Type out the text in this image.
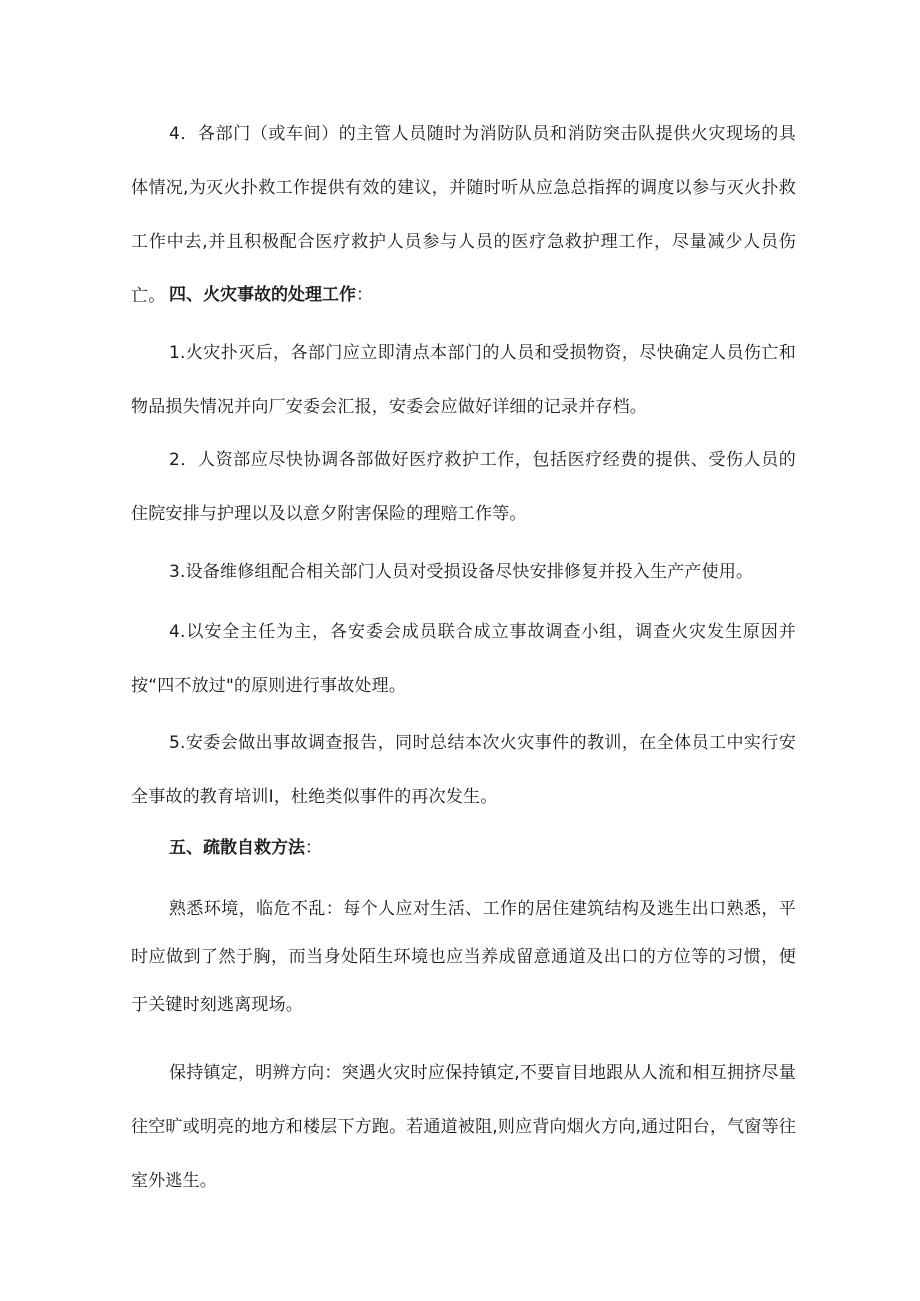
4．各部门（或车间）的主管人员随时为消防队员和消防突击队提供火灾现场的具体情况,为灭火扑救工作提供有效的建议，并随时听从应急总指挥的调度以参与灭火扑救工作中去,并且积极配合医疗救护人员参与人员的医疗急救护理工作，尽量减少人员伤亡。 四、火灾事故的处理工作：

1.火灾扑灭后，各部门应立即清点本部门的人员和受损物资，尽快确定人员伤亡和物品损失情况并向厂安委会汇报，安委会应做好详细的记录并存档。

2．人资部应尽快协调各部做好医疗救护工作，包括医疗经费的提供、受伤人员的住院安排与护理以及以意夕附害保险的理赔工作等。

3.设备维修组配合相关部门人员对受损设备尽快安排修复并投入生产产使用。

4.以安全主任为主，各安委会成员联合成立事故调查小组，调查火灾发生原因并按“四不放过"的原则进行事故处理。

5.安委会做出事故调查报告，同时总结本次火灾事件的教训，在全体员工中实行安全事故的教育培训I，杜绝类似事件的再次发生。

五、疏散自救方法：

熟悉环境，临危不乱：每个人应对生活、工作的居住建筑结构及逃生出口熟悉，平时应做到了然于胸，而当身处陌生环境也应当养成留意通道及出口的方位等的习惯，便于关键时刻逃离现场。

保持镇定，明辨方向：突遇火灾时应保持镇定,不要盲目地跟从人流和相互拥挤尽量往空旷或明亮的地方和楼层下方跑。若通道被阻,则应背向烟火方向,通过阳台，气窗等往室外逃生。
